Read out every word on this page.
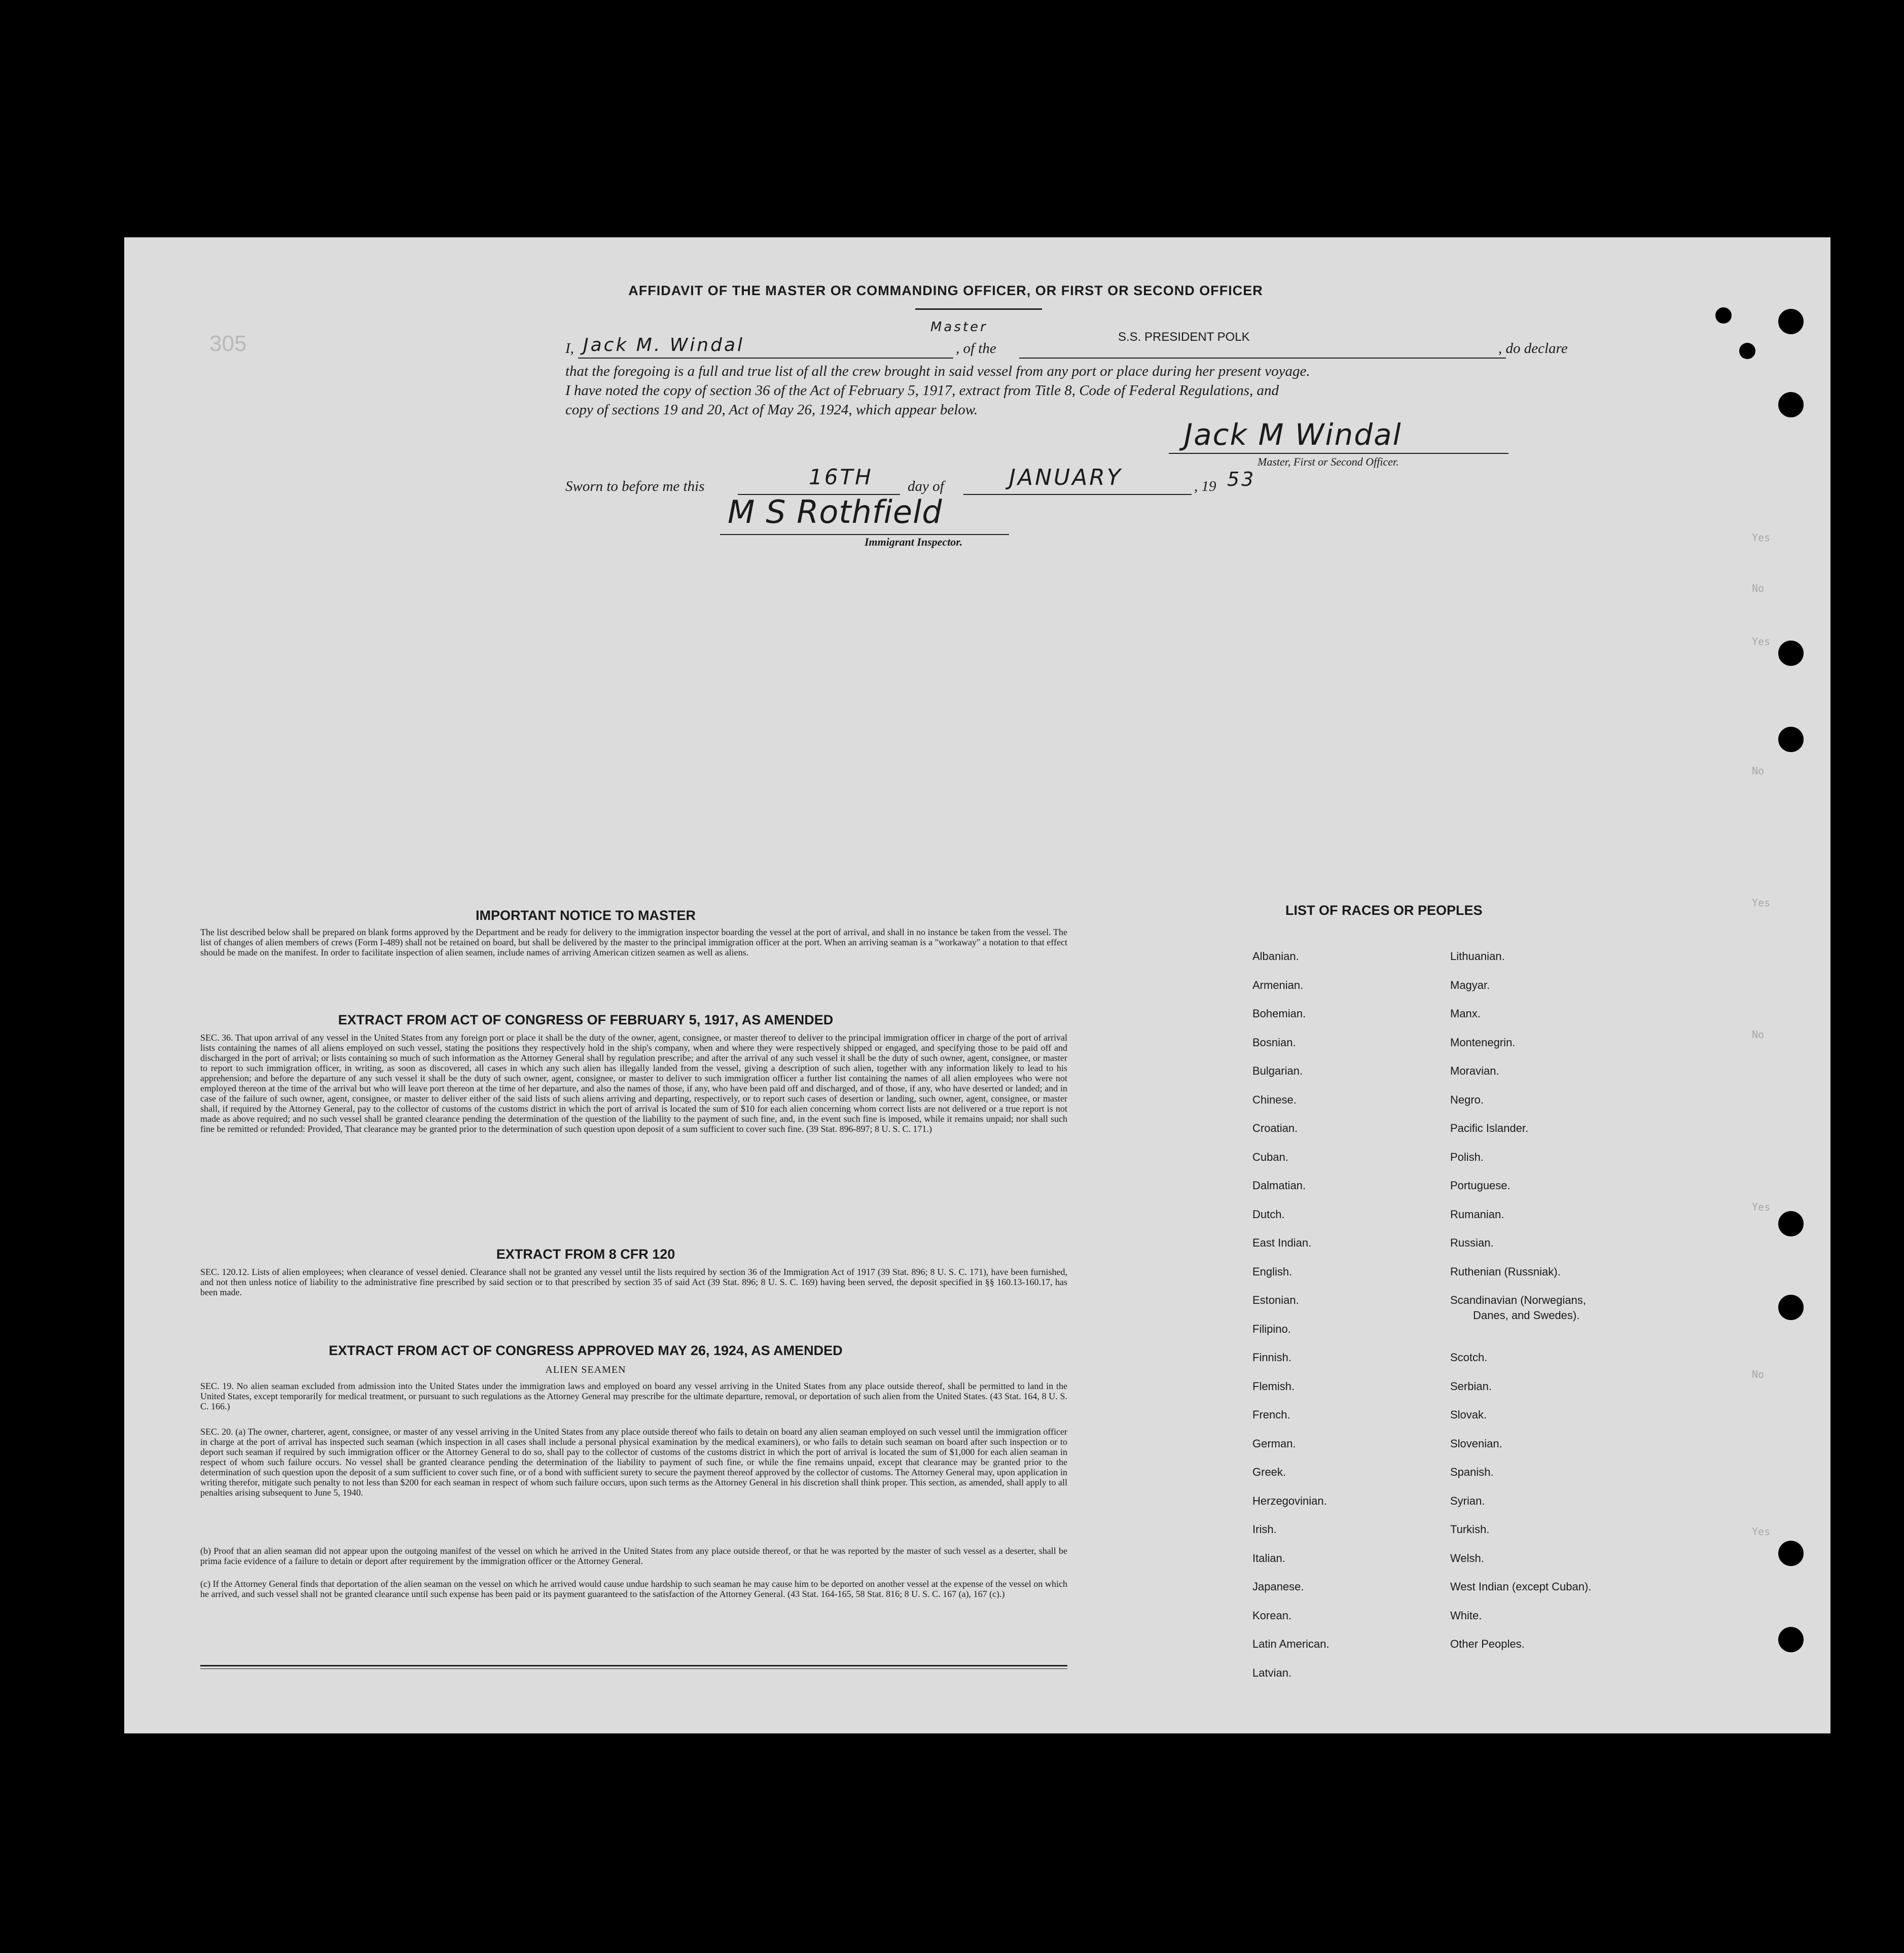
AFFIDAVIT OF THE MASTER OR COMMANDING OFFICER, OR FIRST OR SECOND OFFICER
305	I, Jack M. Windal
Master
, of the
S.S. PRESIDENT POLK
, do declare
that the foregoing is a full and true list of all the crew brought in said vessel from any port or place during her present voyage.
I have noted the copy of section 36 of the Act of February 5, 1917, extract from Title 8, Code of Federal Regulations, and
copy of sections 19 and 20, Act of May 26, 1924, which appear below.
Jack M Windal
Master, First or Second Officer.
Sworn to before me this	16TH day of	JANUARY	, 19 53
M S Rothfield
Immigrant Inspector.	Yes
No
Yes
No
Yes
No
Yes
No
Yes
IMPORTANT NOTICE TO MASTER
The list described below shall be prepared on blank forms approved by the Department and be ready for delivery to the immigration inspector boarding the vessel at the port of arrival, and shall in no instance be taken from the vessel. The list of changes of alien members of crews (Form I-489) shall not be retained on board, but shall be delivered by the master to the principal immigration officer at the port. When an arriving seaman is a "workaway" a notation to that effect should be made on the manifest. In order to facilitate inspection of alien seamen, include names of arriving American citizen seamen as well as aliens.
EXTRACT FROM ACT OF CONGRESS OF FEBRUARY 5, 1917, AS AMENDED
SEC. 36. That upon arrival of any vessel in the United States from any foreign port or place it shall be the duty of the owner, agent, consignee, or master thereof to deliver to the principal immigration officer in charge of the port of arrival lists containing the names of all aliens employed on such vessel, stating the positions they respectively hold in the ship's company, when and where they were respectively shipped or engaged, and specifying those to be paid off and discharged in the port of arrival; or lists containing so much of such information as the Attorney General shall by regulation prescribe; and after the arrival of any such vessel it shall be the duty of such owner, agent, consignee, or master to report to such immigration officer, in writing, as soon as discovered, all cases in which any such alien has illegally landed from the vessel, giving a description of such alien, together with any information likely to lead to his apprehension; and before the departure of any such vessel it shall be the duty of such owner, agent, consignee, or master to deliver to such immigration officer a further list containing the names of all alien employees who were not employed thereon at the time of the arrival but who will leave port thereon at the time of her departure, and also the names of those, if any, who have been paid off and discharged, and of those, if any, who have deserted or landed; and in case of the failure of such owner, agent, consignee, or master to deliver either of the said lists of such aliens arriving and departing, respectively, or to report such cases of desertion or landing, such owner, agent, consignee, or master shall, if required by the Attorney General, pay to the collector of customs of the customs district in which the port of arrival is located the sum of $10 for each alien concerning whom correct lists are not delivered or a true report is not made as above required; and no such vessel shall be granted clearance pending the determination of the question of the liability to the payment of such fine, and, in the event such fine is imposed, while it remains unpaid; nor shall such fine be remitted or refunded: Provided, That clearance may be granted prior to the determination of such question upon deposit of a sum sufficient to cover such fine. (39 Stat. 896-897; 8 U. S. C. 171.)
EXTRACT FROM 8 CFR 120
SEC. 120.12. Lists of alien employees; when clearance of vessel denied. Clearance shall not be granted any vessel until the lists required by section 36 of the Immigration Act of 1917 (39 Stat. 896; 8 U. S. C. 171), have been furnished, and not then unless notice of liability to the administrative fine prescribed by said section or to that prescribed by section 35 of said Act (39 Stat. 896; 8 U. S. C. 169) having been served, the deposit specified in §§ 160.13-160.17, has been made.
EXTRACT FROM ACT OF CONGRESS APPROVED MAY 26, 1924, AS AMENDED
ALIEN SEAMEN
SEC. 19. No alien seaman excluded from admission into the United States under the immigration laws and employed on board any vessel arriving in the United States from any place outside thereof, shall be permitted to land in the United States, except temporarily for medical treatment, or pursuant to such regulations as the Attorney General may prescribe for the ultimate departure, removal, or deportation of such alien from the United States. (43 Stat. 164, 8 U. S. C. 166.)
SEC. 20. (a) The owner, charterer, agent, consignee, or master of any vessel arriving in the United States from any place outside thereof who fails to detain on board any alien seaman employed on such vessel until the immigration officer in charge at the port of arrival has inspected such seaman (which inspection in all cases shall include a personal physical examination by the medical examiners), or who fails to detain such seaman on board after such inspection or to deport such seaman if required by such immigration officer or the Attorney General to do so, shall pay to the collector of customs of the customs district in which the port of arrival is located the sum of $1,000 for each alien seaman in respect of whom such failure occurs. No vessel shall be granted clearance pending the determination of the liability to payment of such fine, or while the fine remains unpaid, except that clearance may be granted prior to the determination of such question upon the deposit of a sum sufficient to cover such fine, or of a bond with sufficient surety to secure the payment thereof approved by the collector of customs. The Attorney General may, upon application in writing therefor, mitigate such penalty to not less than $200 for each seaman in respect of whom such failure occurs, upon such terms as the Attorney General in his discretion shall think proper. This section, as amended, shall apply to all penalties arising subsequent to June 5, 1940.
(b) Proof that an alien seaman did not appear upon the outgoing manifest of the vessel on which he arrived in the United States from any place outside thereof, or that he was reported by the master of such vessel as a deserter, shall be prima facie evidence of a failure to detain or deport after requirement by the immigration officer or the Attorney General.
(c) If the Attorney General finds that deportation of the alien seaman on the vessel on which he arrived would cause undue hardship to such seaman he may cause him to be deported on another vessel at the expense of the vessel on which he arrived, and such vessel shall not be granted clearance until such expense has been paid or its payment guaranteed to the satisfaction of the Attorney General. (43 Stat. 164-165, 58 Stat. 816; 8 U. S. C. 167 (a), 167 (c).)
LIST OF RACES OR PEOPLES
Albanian.
Armenian.
Bohemian.
Bosnian.
Bulgarian.
Chinese.
Croatian.
Cuban.
Dalmatian.
Dutch.
East Indian.
English.
Estonian.
Filipino.
Finnish.
Flemish.
French.
German.
Greek.
Herzegovinian.
Irish.
Italian.
Japanese.
Korean.
Latin American.
Latvian.
Lithuanian.
Magyar.
Manx.
Montenegrin.
Moravian.
Negro.
Pacific Islander.
Polish.
Portuguese.
Rumanian.
Russian.
Ruthenian (Russniak).
Scandinavian (Norwegians,
Danes, and Swedes).
Scotch.
Serbian.
Slovak.
Slovenian.
Spanish.
Syrian.
Turkish.
Welsh.
West Indian (except Cuban).
White.
Other Peoples.
